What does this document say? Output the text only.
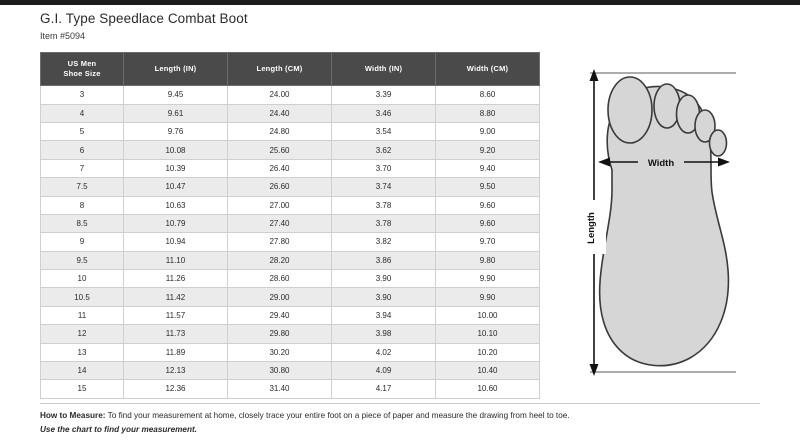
G.I. Type Speedlace Combat Boot
Item #5094
US Men
Shoe Size	Length (IN)	Length (CM)	Width (IN)	Width (CM)
3	9.45	24.00	3.39	8.60
4	9.61	24.40	3.46	8.80
5	9.76	24.80	3.54	9.00
6	10.08	25.60	3.62	9.20
7	10.39	26.40	3.70	9.40
7.5	10.47	26.60	3.74	9.50
8	10.63	27.00	3.78	9.60
8.5	10.79	27.40	3.78	9.60
9	10.94	27.80	3.82	9.70
9.5	11.10	28.20	3.86	9.80
10	11.26	28.60	3.90	9.90
10.5	11.42	29.00	3.90	9.90
11	11.57	29.40	3.94	10.00
12	11.73	29.80	3.98	10.10
13	11.89	30.20	4.02	10.20
14	12.13	30.80	4.09	10.40
15	12.36	31.40	4.17	10.60
Length
Width
How to Measure: To find your measurement at home, closely trace your entire foot on a piece of paper and measure the drawing from heel to toe.
Use the chart to find your measurement.
